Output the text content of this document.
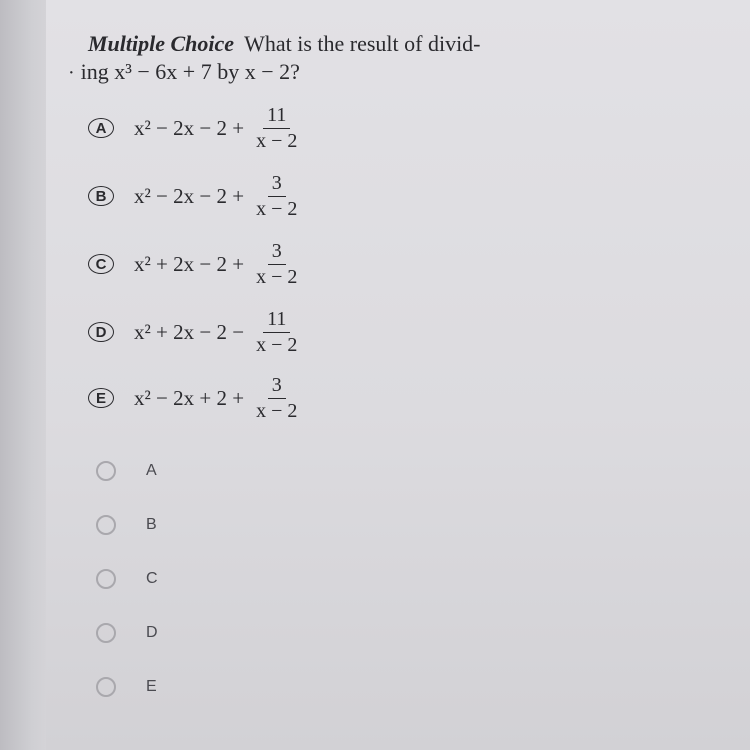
Multiple Choice What is the result of divid-
· ing x³ − 6x + 7 by x − 2?
A	$x^2 - 2x - 2 + \frac{11}{x - 2}$
B	$x^2 - 2x - 2 + \frac{3}{x - 2}$
C	$x^2 + 2x - 2 + \frac{3}{x - 2}$
D	$x^2 + 2x - 2 - \frac{11}{x - 2}$
E	$x^2 - 2x + 2 + \frac{3}{x - 2}$
A
B
C
D
E
